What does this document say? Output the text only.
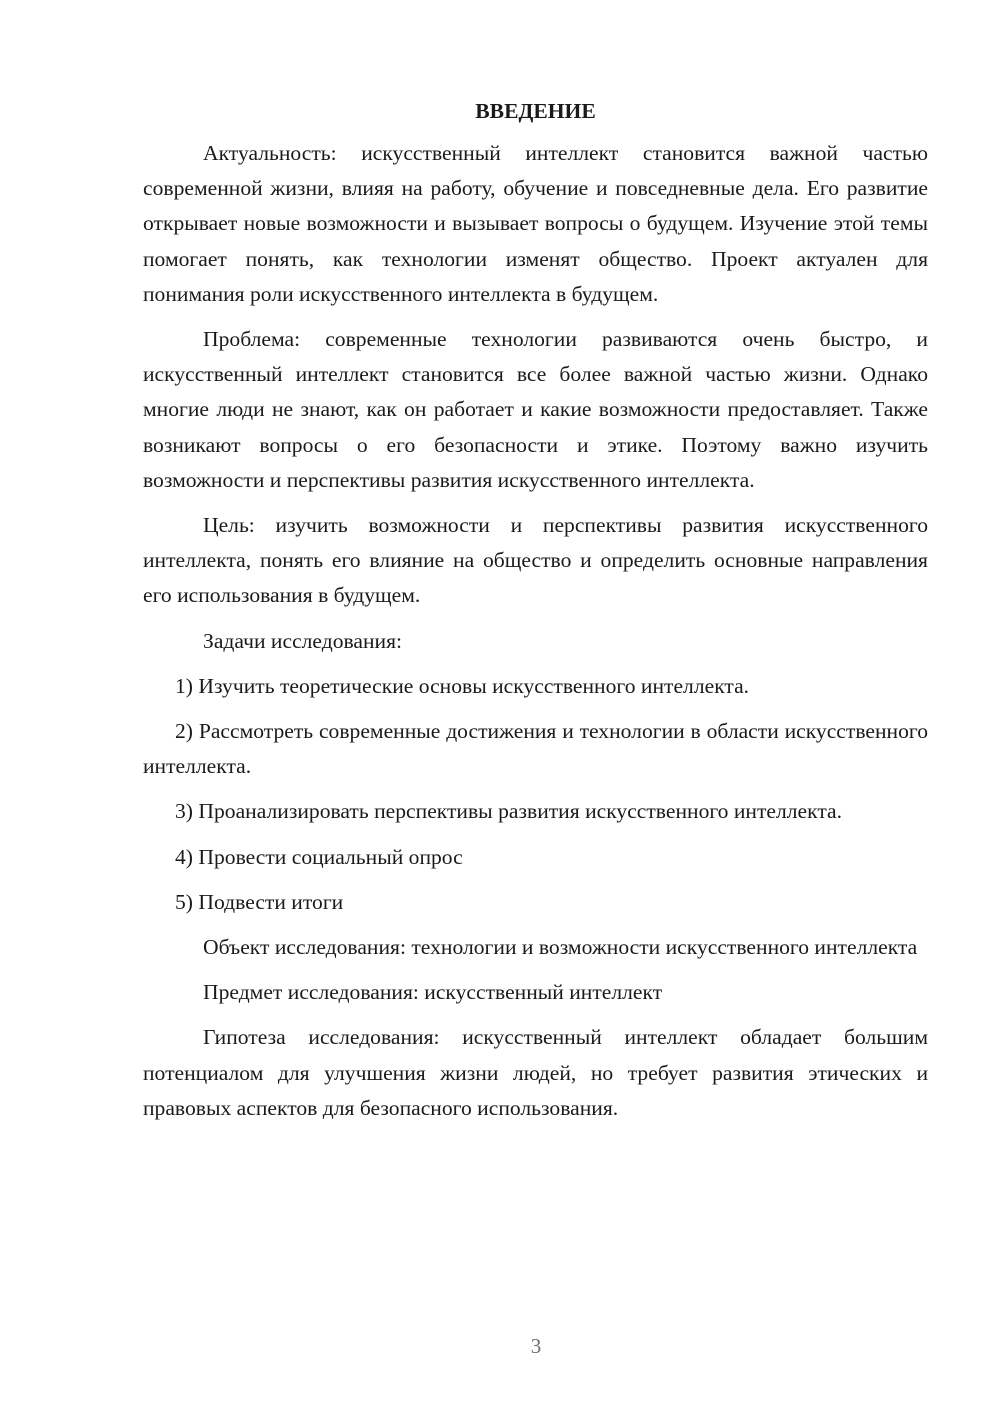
ВВЕДЕНИЕ

Актуальность: искусственный интеллект становится важной частью современной жизни, влияя на работу, обучение и повседневные дела. Его развитие открывает новые возможности и вызывает вопросы о будущем. Изучение этой темы помогает понять, как технологии изменят общество. Проект актуален для понимания роли искусственного интеллекта в будущем.

Проблема: современные технологии развиваются очень быстро, и искусственный интеллект становится все более важной частью жизни. Однако многие люди не знают, как он работает и какие возможности предоставляет. Также возникают вопросы о его безопасности и этике. Поэтому важно изучить возможности и перспективы развития искусственного интеллекта.

Цель: изучить возможности и перспективы развития искусственного интеллекта, понять его влияние на общество и определить основные направления его использования в будущем.

Задачи исследования:

1) Изучить теоретические основы искусственного интеллекта.

2) Рассмотреть современные достижения и технологии в области искусственного интеллекта.

3) Проанализировать перспективы развития искусственного интеллекта.

4) Провести социальный опрос

5) Подвести итоги

Объект исследования: технологии и возможности искусственного интеллекта

Предмет исследования: искусственный интеллект

Гипотеза исследования: искусственный интеллект обладает большим потенциалом для улучшения жизни людей, но требует развития этических и правовых аспектов для безопасного использования.

3
